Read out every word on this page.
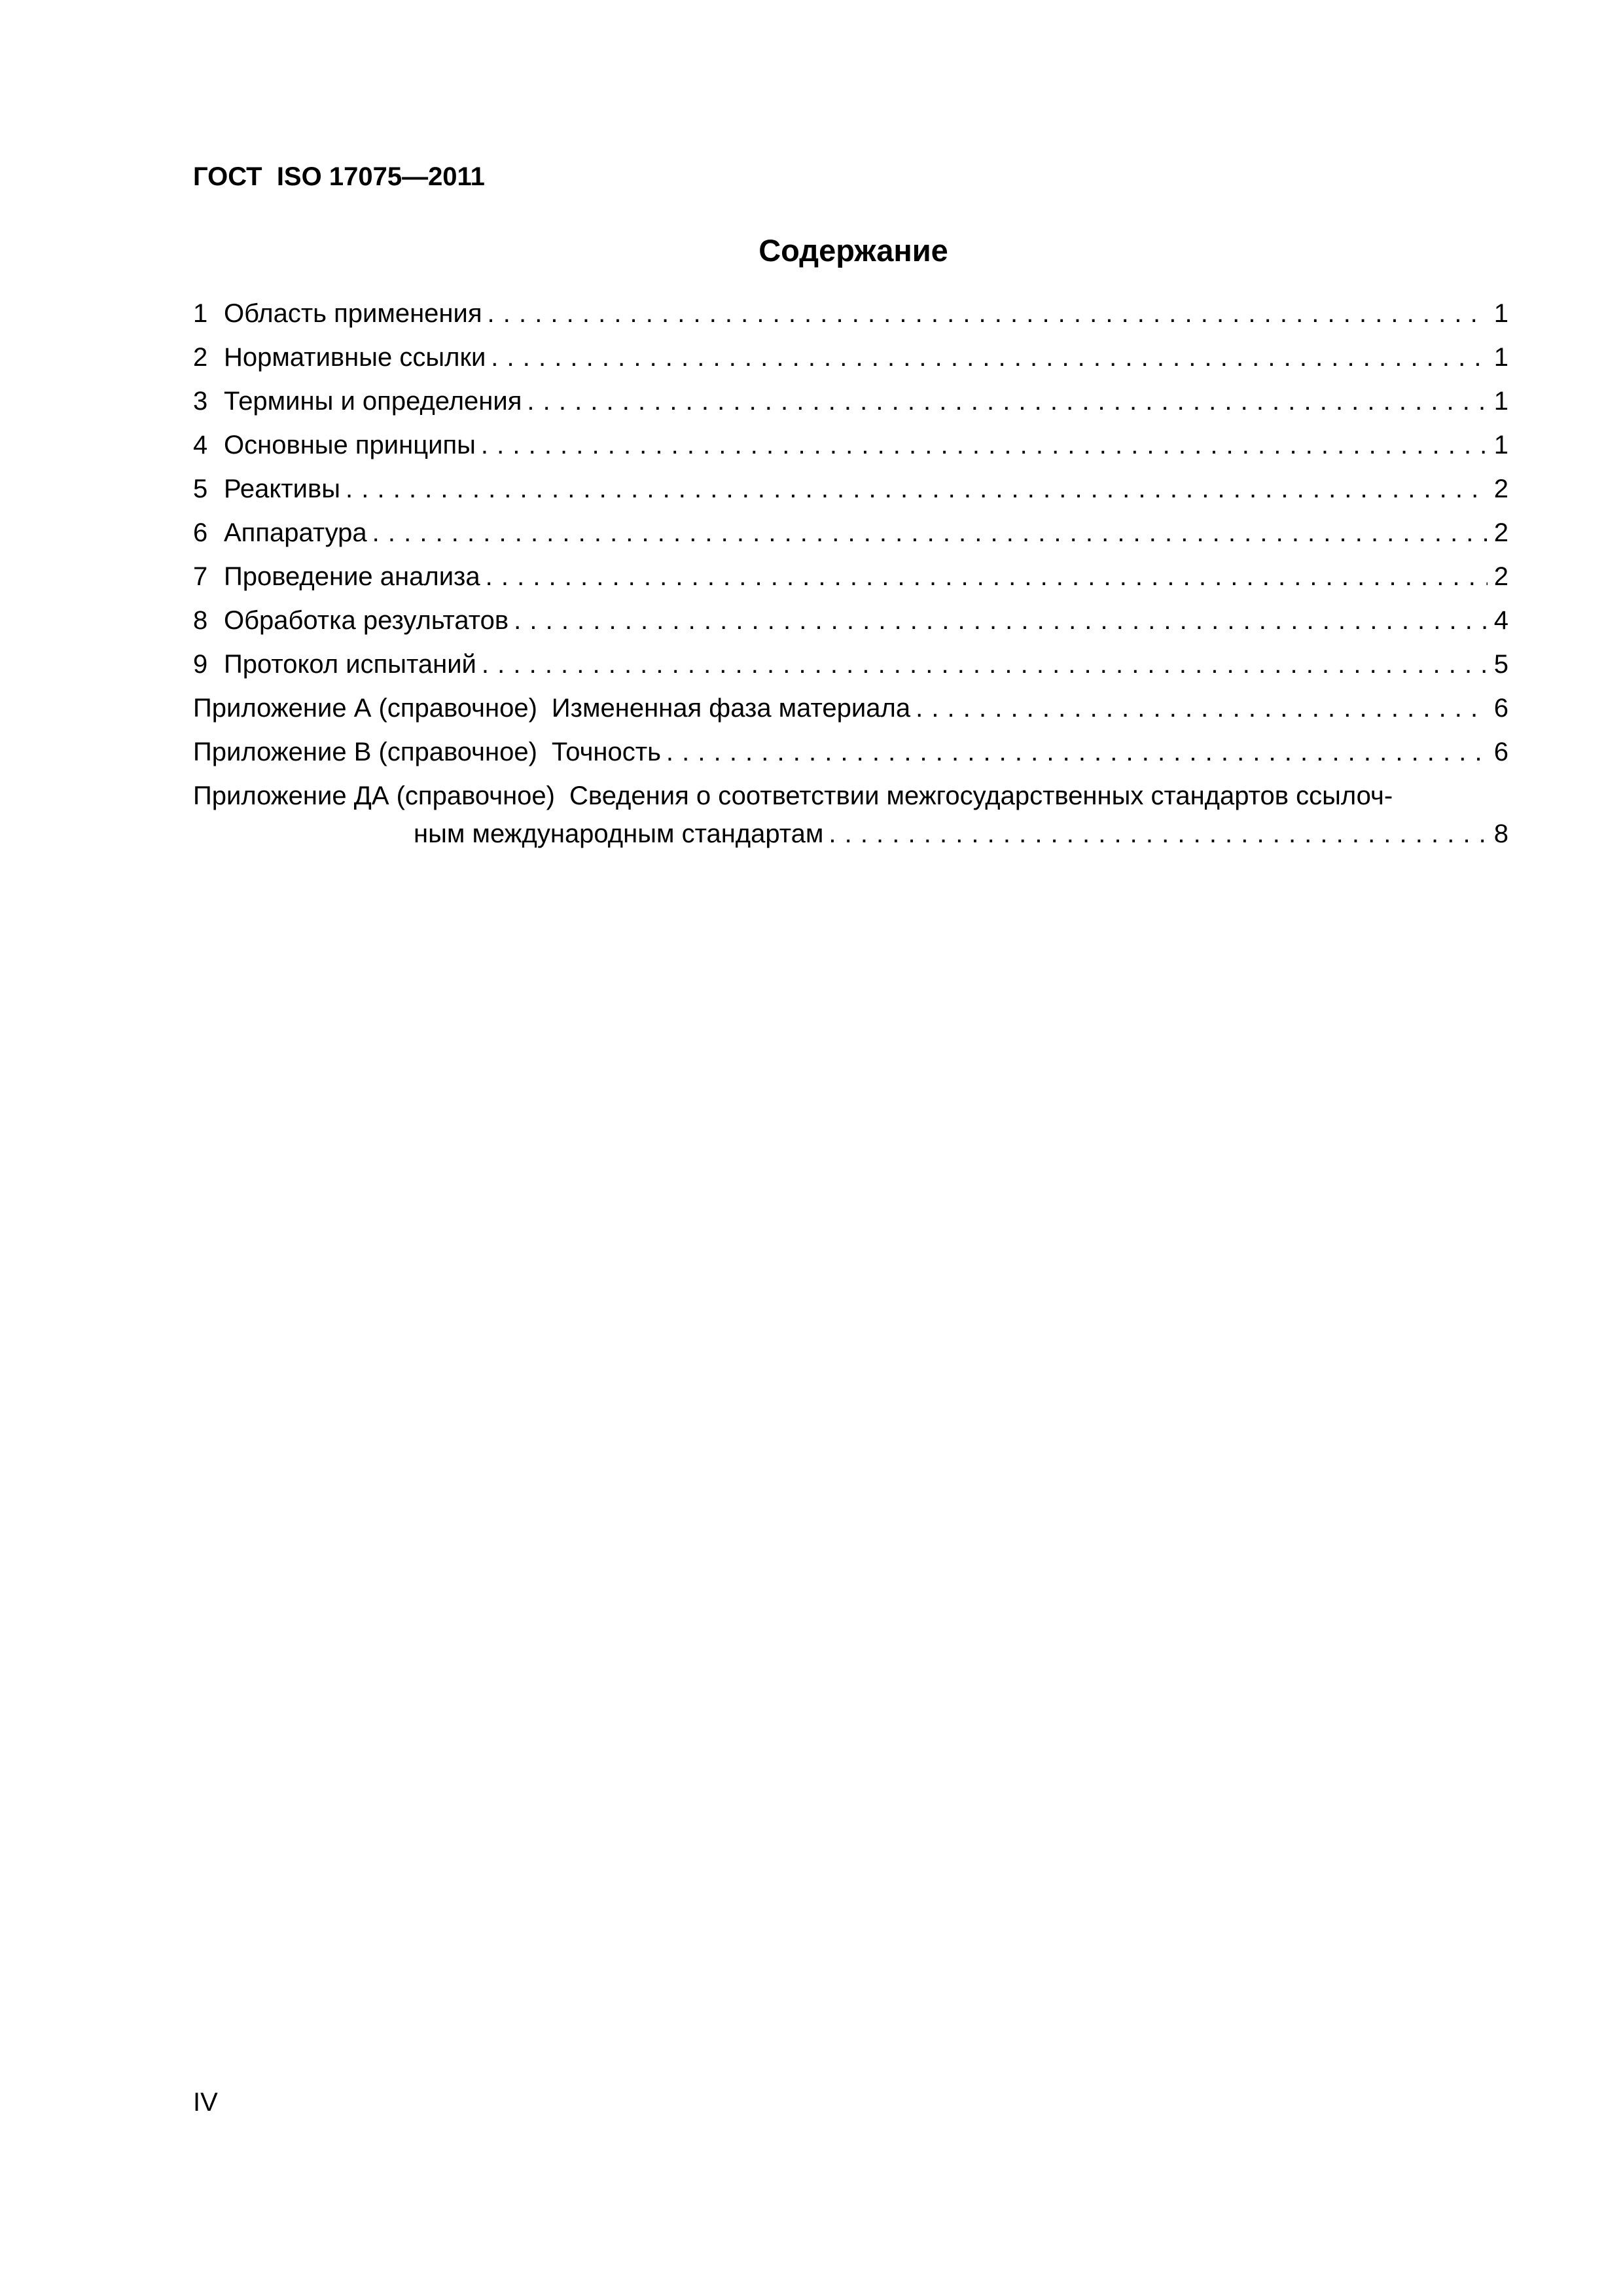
ГОСТ  ISO 17075—2011
Содержание
1 Область применения . . .	1
2 Нормативные ссылки . . .	1
3 Термины и определения . . .	1
4 Основные принципы . . .	1
5 Реактивы . . .	2
6 Аппаратура . . .	2
7 Проведение анализа . . .	2
8 Обработка результатов . . .	4
9 Протокол испытаний . . .	5
Приложение А (справочное) Измененная фаза материала . . .	6
Приложение В (справочное) Точность . . .	6
Приложение ДА (справочное) Сведения о соответствии межгосударственных стандартов ссылоч-
ным международным стандартам . . .	8
IV
